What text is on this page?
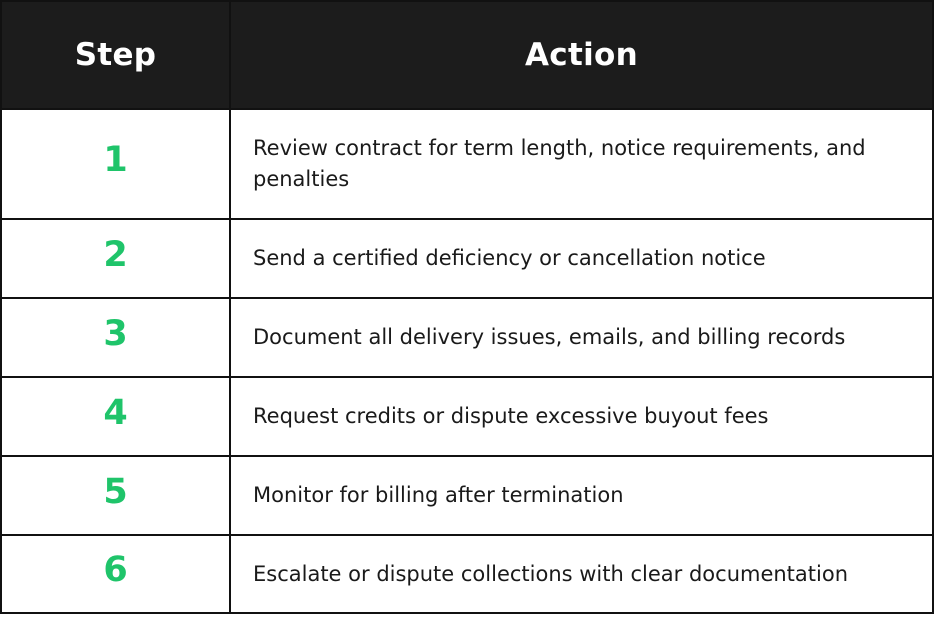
Step	Action
1	Review contract for term length, notice requirements, and penalties
2	Send a certified deficiency or cancellation notice
3	Document all delivery issues, emails, and billing records
4	Request credits or dispute excessive buyout fees
5	Monitor for billing after termination
6	Escalate or dispute collections with clear documentation
